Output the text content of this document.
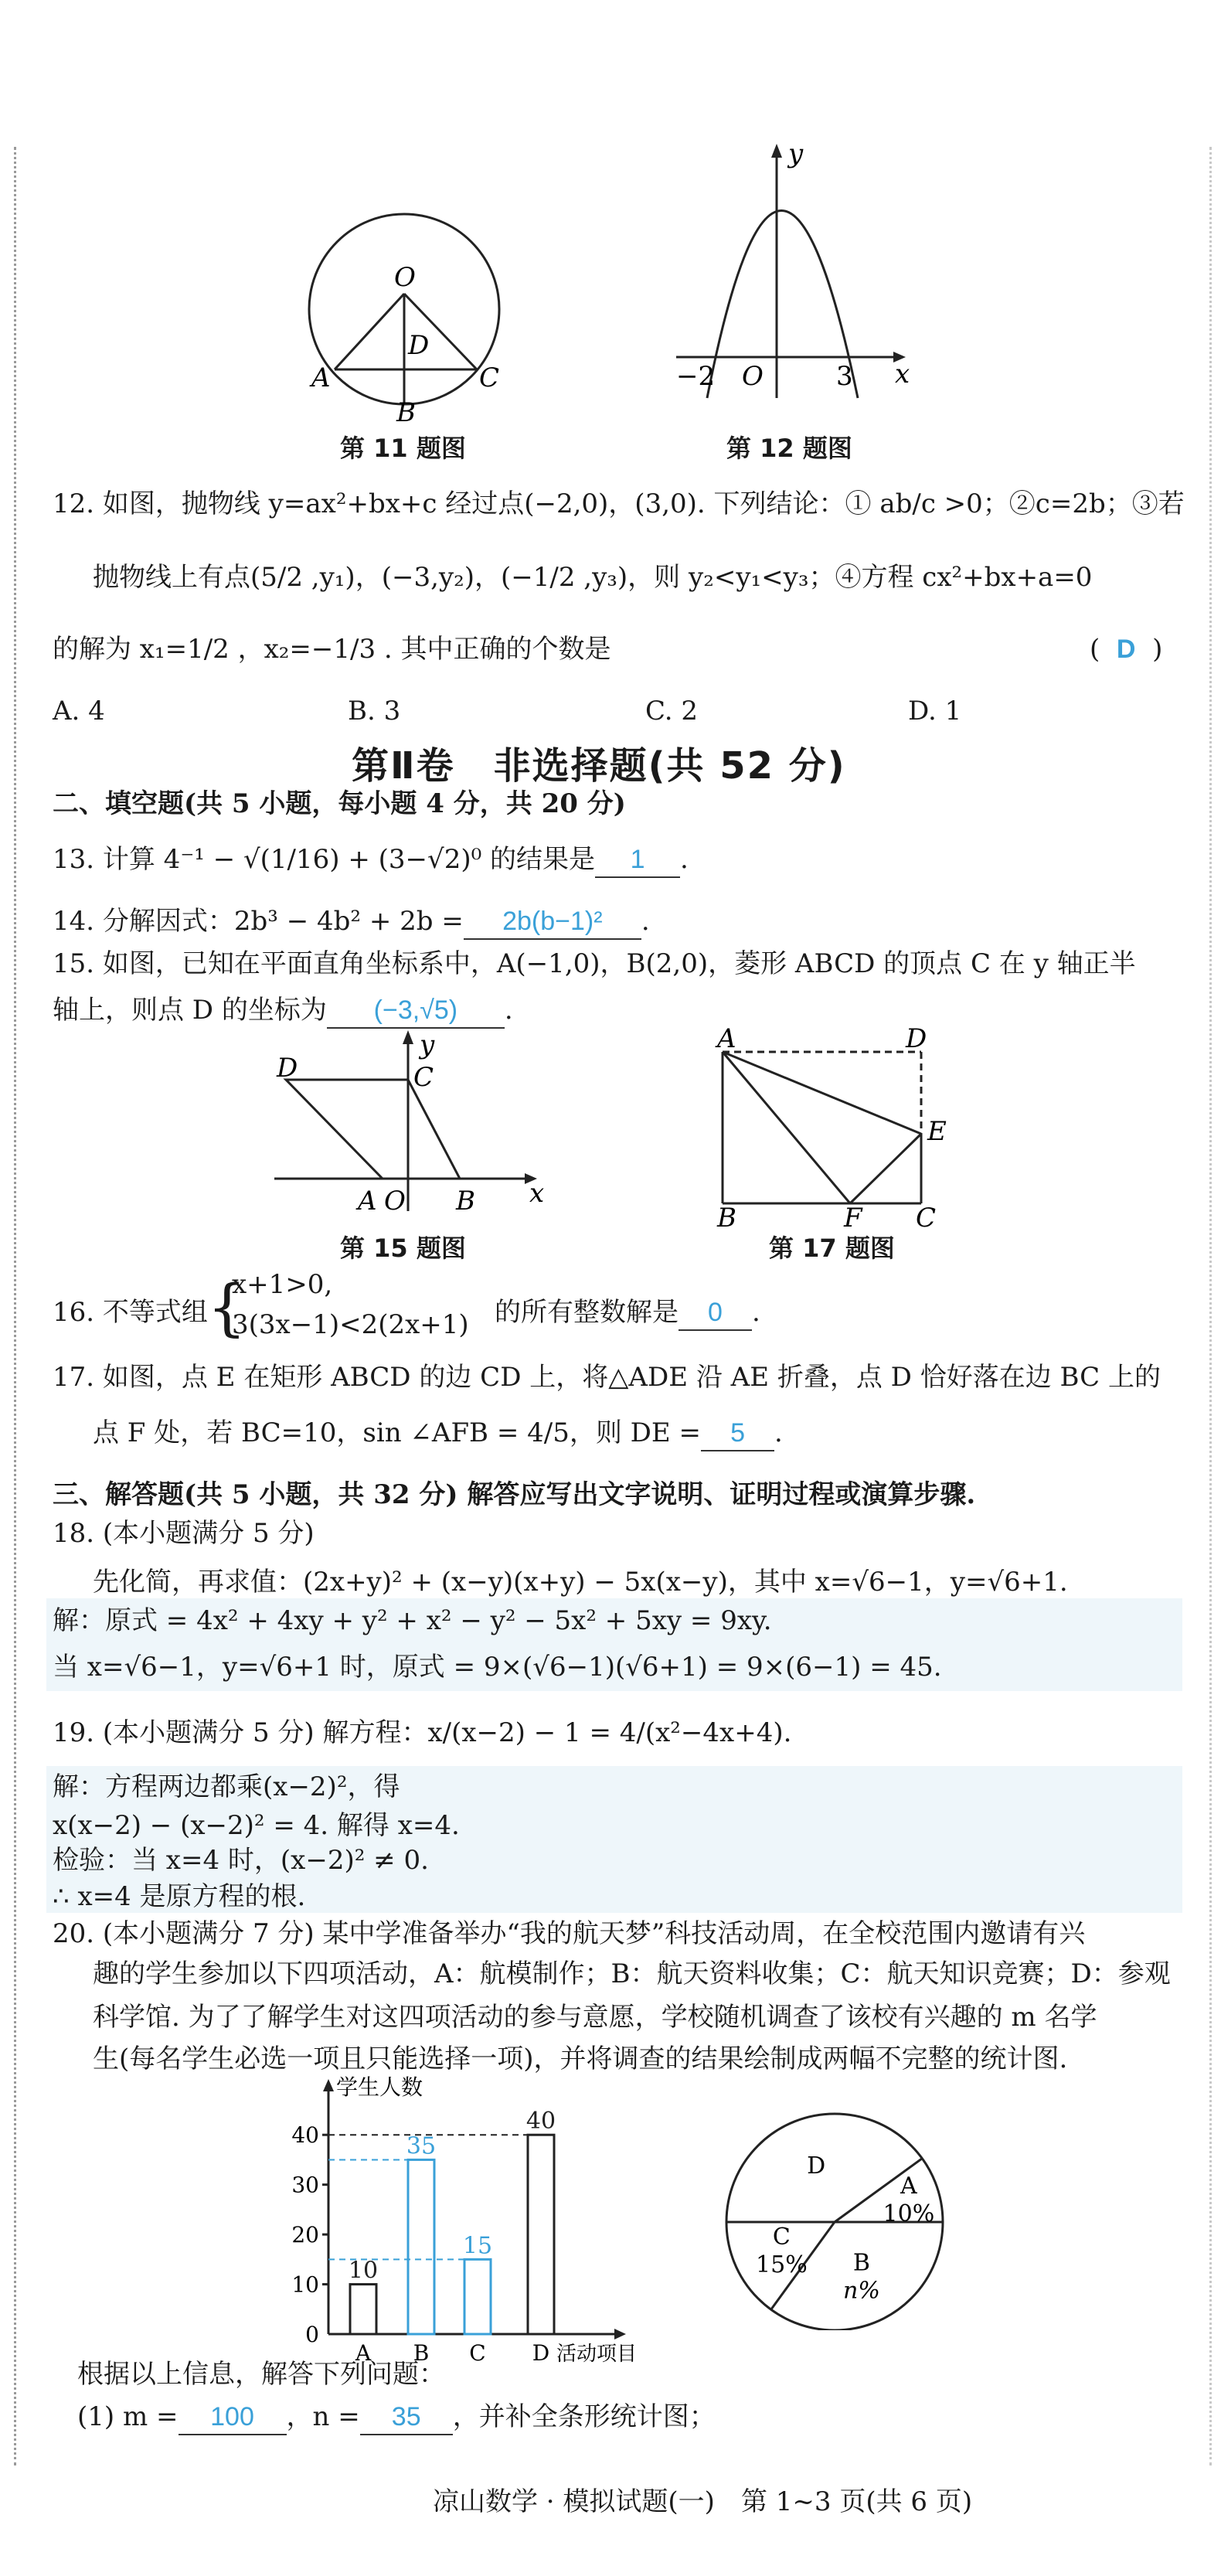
O
D
A
B
C
第 11 题图
y
x
O
−2	3
第 12 题图
12. 如图，抛物线 y=ax²+bx+c 经过点(−2,0)，(3,0). 下列结论：① ab/c >0；②c=2b；③若
抛物线上有点(5/2 ,y₁)，(−3,y₂)，(−1/2 ,y₃)，则 y₂<y₁<y₃；④方程 cx²+bx+a=0
的解为 x₁=1/2 ，x₂=−1/3 . 其中正确的个数是	(  D  )
A. 4	B. 3	C. 2	D. 1
第Ⅱ卷　非选择题(共 52 分)
二、填空题(共 5 小题，每小题 4 分，共 20 分)
13. 计算 4⁻¹ − √(1/16) + (3−√2)⁰ 的结果是 1 .
14. 分解因式：2b³ − 4b² + 2b = 2b(b−1)² .
15. 如图，已知在平面直角坐标系中，A(−1,0)，B(2,0)，菱形 ABCD 的顶点 C 在 y 轴正半
轴上，则点 D 的坐标为 (−3,√5) .
D	C
y
A O B x
第 15 题图
A	D
E
B	F C
第 17 题图
16. 不等式组 {
x+1>0,
3(3x−1)<2(2x+1) 的所有整数解是 0 .
17. 如图，点 E 在矩形 ABCD 的边 CD 上，将△ADE 沿 AE 折叠，点 D 恰好落在边 BC 上的
点 F 处，若 BC=10，sin ∠AFB = 4/5，则 DE = 5 .
三、解答题(共 5 小题，共 32 分) 解答应写出文字说明、证明过程或演算步骤.
18. (本小题满分 5 分)
先化简，再求值：(2x+y)² + (x−y)(x+y) − 5x(x−y)，其中 x=√6−1，y=√6+1.
解：原式 = 4x² + 4xy + y² + x² − y² − 5x² + 5xy = 9xy.
当 x=√6−1，y=√6+1 时，原式 = 9×(√6−1)(√6+1) = 9×(6−1) = 45.
19. (本小题满分 5 分) 解方程：x/(x−2) − 1 = 4/(x²−4x+4).
解：方程两边都乘(x−2)²，得
x(x−2) − (x−2)² = 4. 解得 x=4.
检验：当 x=4 时，(x−2)² ≠ 0.
∴ x=4 是原方程的根.
20. (本小题满分 7 分) 某中学准备举办“我的航天梦”科技活动周，在全校范围内邀请有兴
趣的学生参加以下四项活动，A：航模制作；B：航天资料收集；C：航天知识竞赛；D：参观
科学馆. 为了了解学生对这四项活动的参与意愿，学校随机调查了该校有兴趣的 m 名学
生(每名学生必选一项且只能选择一项)，并将调查的结果绘制成两幅不完整的统计图.
学生人数
0
10
20
30
40
10
A
35
B
15
C
40
D 活动项目
A
10%
B
n%
C
15%
D
根据以上信息，解答下列问题：
(1) m = 100 ，n = 35 ，并补全条形统计图；
凉山数学 · 模拟试题(一)　第 1~3 页(共 6 页)
